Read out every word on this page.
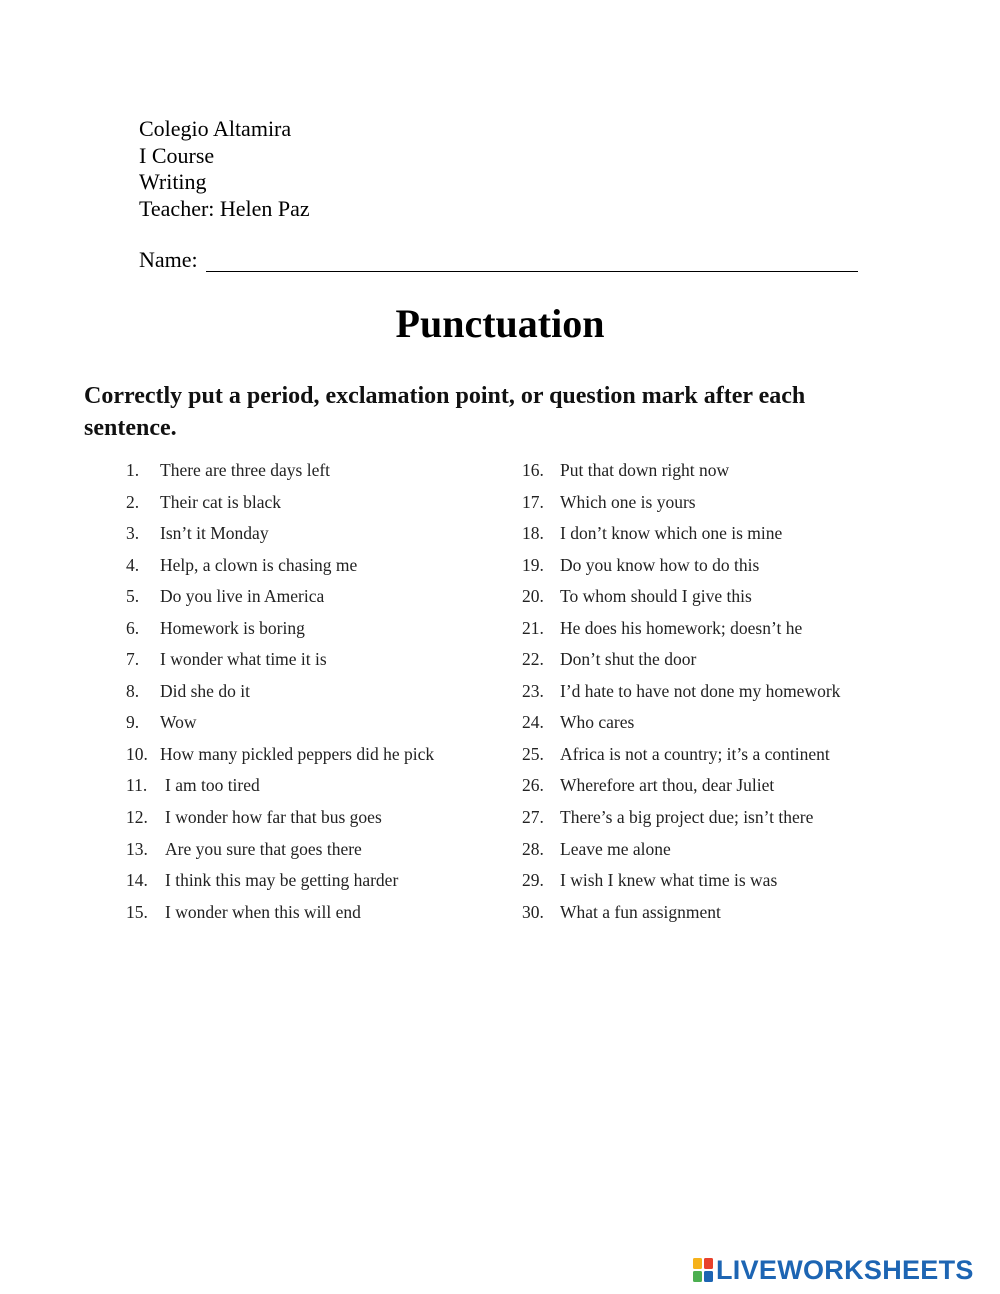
Colegio Altamira
I Course
Writing
Teacher: Helen Paz
Name:
Punctuation
Correctly put a period, exclamation point, or question mark after each sentence.
1. There are three days left
2. Their cat is black
3. Isn’t it Monday
4. Help, a clown is chasing me
5. Do you live in America
6. Homework is boring
7. I wonder what time it is
8. Did she do it
9. Wow
10. How many pickled peppers did he pick
11. I am too tired
12. I wonder how far that bus goes
13. Are you sure that goes there
14. I think this may be getting harder
15. I wonder when this will end
16. Put that down right now
17. Which one is yours
18. I don’t know which one is mine
19. Do you know how to do this
20. To whom should I give this
21. He does his homework; doesn’t he
22. Don’t shut the door
23. I’d hate to have not done my homework
24. Who cares
25. Africa is not a country; it’s a continent
26. Wherefore art thou, dear Juliet
27. There’s a big project due; isn’t there
28. Leave me alone
29. I wish I knew what time is was
30. What a fun assignment
LIVEWORKSHEETS
